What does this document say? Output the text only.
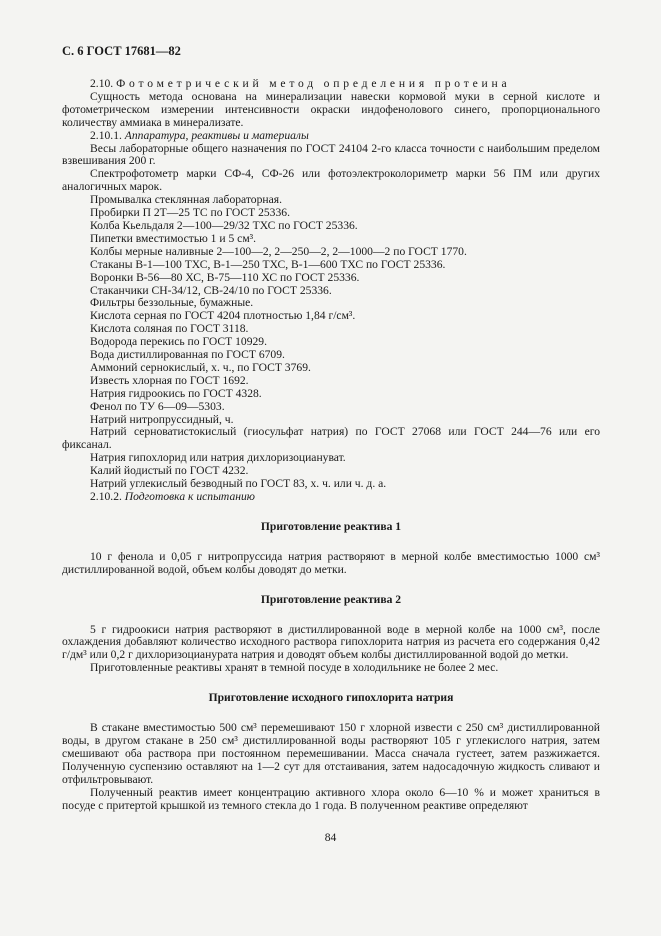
С. 6 ГОСТ 17681—82

2.10. Фотометрический метод определения протеина

Сущность метода основана на минерализации навески кормовой муки в серной кислоте и фотометрическом измерении интенсивности окраски индофенолового синего, пропорционального количеству аммиака в минерализате.

2.10.1. Аппаратура, реактивы и материалы

Весы лабораторные общего назначения по ГОСТ 24104 2-го класса точности с наибольшим пределом взвешивания 200 г.

Спектрофотометр марки СФ-4, СФ-26 или фотоэлектроколориметр марки 56 ПМ или других аналогичных марок.

Промывалка стеклянная лабораторная.

Пробирки П 2Т—25 ТС по ГОСТ 25336.

Колба Кьельдаля 2—100—29/32 ТХС по ГОСТ 25336.

Пипетки вместимостью 1 и 5 см³.

Колбы мерные наливные 2—100—2, 2—250—2, 2—1000—2 по ГОСТ 1770.

Стаканы В-1—100 ТХС, В-1—250 ТХС, В-1—600 ТХС по ГОСТ 25336.

Воронки В-56—80 ХС, В-75—110 ХС по ГОСТ 25336.

Стаканчики СН-34/12, СВ-24/10 по ГОСТ 25336.

Фильтры беззольные, бумажные.

Кислота серная по ГОСТ 4204 плотностью 1,84 г/см³.

Кислота соляная по ГОСТ 3118.

Водорода перекись по ГОСТ 10929.

Вода дистиллированная по ГОСТ 6709.

Аммоний сернокислый, х. ч., по ГОСТ 3769.

Известь хлорная по ГОСТ 1692.

Натрия гидроокись по ГОСТ 4328.

Фенол по ТУ 6—09—5303.

Натрий нитропруссидный, ч.

Натрий серноватистокислый (гиосульфат натрия) по ГОСТ 27068 или ГОСТ 244—76 или его фиксанал.

Натрия гипохлорид или натрия дихлоризоциануват.

Калий йодистый по ГОСТ 4232.

Натрий углекислый безводный по ГОСТ 83, х. ч. или ч. д. а.

2.10.2. Подготовка к испытанию

Приготовление реактива 1

10 г фенола и 0,05 г нитропруссида натрия растворяют в мерной колбе вместимостью 1000 см³ дистиллированной водой, объем колбы доводят до метки.

Приготовление реактива 2

5 г гидроокиси натрия растворяют в дистиллированной воде в мерной колбе на 1000 см³, после охлаждения добавляют количество исходного раствора гипохлорита натрия из расчета его содержания 0,42 г/дм³ или 0,2 г дихлоризоцианурата натрия и доводят объем колбы дистиллированной водой до метки.

Приготовленные реактивы хранят в темной посуде в холодильнике не более 2 мес.

Приготовление исходного гипохлорита натрия

В стакане вместимостью 500 см³ перемешивают 150 г хлорной извести с 250 см³ дистиллированной воды, в другом стакане в 250 см³ дистиллированной воды растворяют 105 г углекислого натрия, затем смешивают оба раствора при постоянном перемешивании. Масса сначала густеет, затем разжижается. Полученную суспензию оставляют на 1—2 сут для отстаивания, затем надосадочную жидкость сливают и отфильтровывают.

Полученный реактив имеет концентрацию активного хлора около 6—10 % и может храниться в посуде с притертой крышкой из темного стекла до 1 года. В полученном реактиве определяют

84
